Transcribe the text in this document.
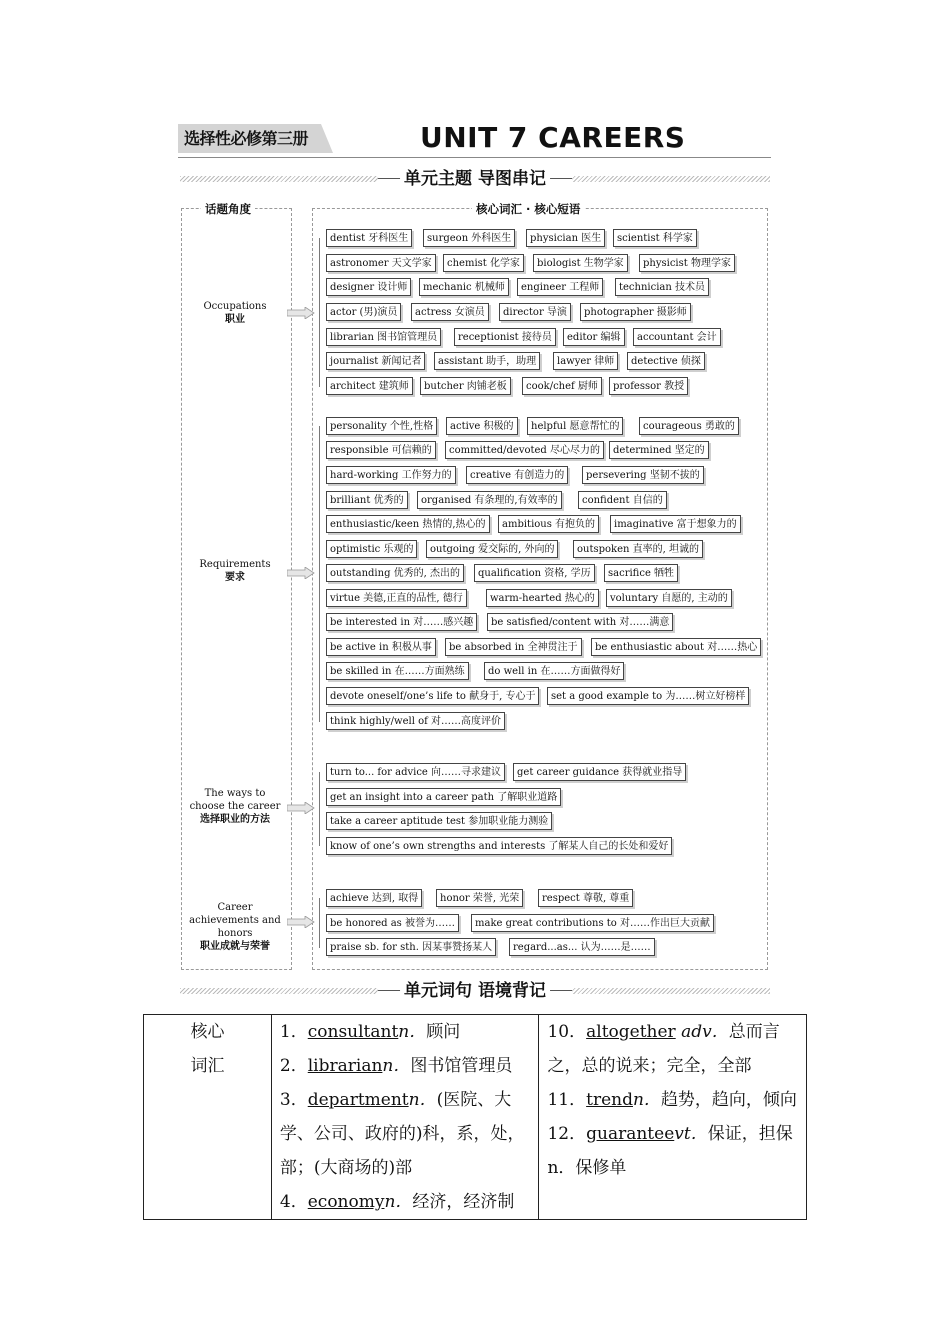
选择性必修第三册	UNIT 7 CAREERS
单元主题 导图串记
话题角度	核心词汇 · 核心短语
Occupations
职业
Requirements
要求
The ways to choose the career
选择职业的方法
Career achievements and honors
职业成就与荣誉
dentist 牙科医生	surgeon 外科医生	physician 医生	scientist 科学家
astronomer 天文学家	chemist 化学家	biologist 生物学家	physicist 物理学家
designer 设计师	mechanic 机械师	engineer 工程师	technician 技术员
actor (男)演员	actress 女演员	director 导演	photographer 摄影师
librarian 图书馆管理员	receptionist 接待员	editor 编辑	accountant 会计
journalist 新闻记者	assistant 助手，助理	lawyer 律师	detective 侦探
architect 建筑师	butcher 肉铺老板	cook/chef 厨师	professor 教授
personality 个性,性格	active 积极的	helpful 愿意帮忙的	courageous 勇敢的
responsible 可信赖的	committed/devoted 尽心尽力的	determined 坚定的
hard-working 工作努力的	creative 有创造力的	persevering 坚韧不拔的
brilliant 优秀的	organised 有条理的,有效率的	confident 自信的
enthusiastic/keen 热情的,热心的	ambitious 有抱负的	imaginative 富于想象力的
optimistic 乐观的	outgoing 爱交际的, 外向的	outspoken 直率的, 坦诚的
outstanding 优秀的, 杰出的	qualification 资格, 学历	sacrifice 牺牲
virtue 美德,正直的品性, 德行	warm-hearted 热心的	voluntary 自愿的, 主动的
be interested in 对……感兴趣	be satisfied/content with 对……满意
be active in 积极从事	be absorbed in 全神贯注于	be enthusiastic about 对……热心
be skilled in 在……方面熟练	do well in 在……方面做得好
devote oneself/one’s life to 献身于, 专心于	set a good example to 为……树立好榜样
think highly/well of 对……高度评价
turn to... for advice 向……寻求建议	get career guidance 获得就业指导
get an insight into a career path 了解职业道路
take a career aptitude test 参加职业能力测验
know of one’s own strengths and interests 了解某人自己的长处和爱好
achieve 达到, 取得	honor 荣誉, 光荣	respect 尊敬, 尊重
be honored as 被誉为……	make great contributions to 对……作出巨大贡献
praise sb. for sth. 因某事赞扬某人	regard...as... 认为……是……
单元词句 语境背记
核心
词汇

1．consultantn．顾问
2．librariann．图书馆管理员
3．departmentn．(医院、大学、公司、政府的)科，系，处，部；(大商场的)部
4．economyn．经济，经济制

10．altogether adv．总而言之，总的说来；完全，全部
11．trendn．趋势，趋向，倾向
12．guaranteevt．保证，担保 n．保修单
